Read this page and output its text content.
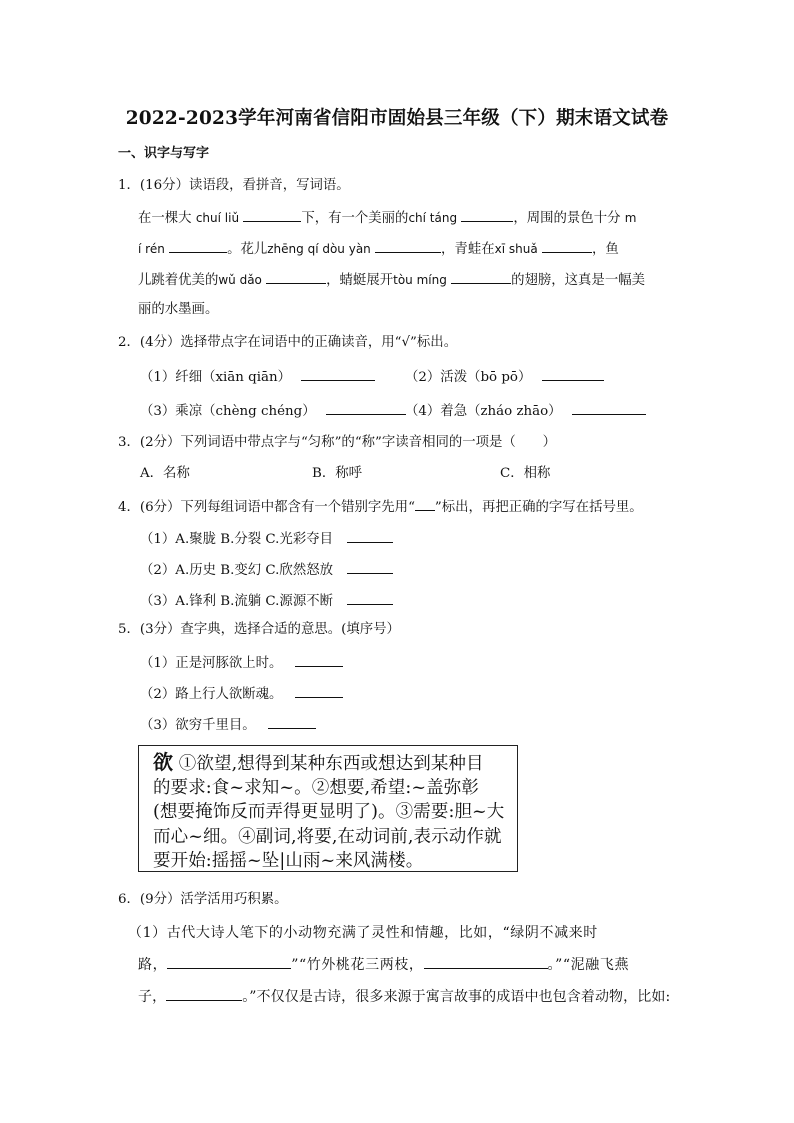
2022-2023学年河南省信阳市固始县三年级（下）期末语文试卷
一、识字与写字
1．(16分）读语段，看拼音，写词语。
在一棵大 chuí liǔ	下，有一个美丽的chí táng	，周围的景色十分 m
í rén	。花儿zhēng qí dòu yàn	，青蛙在xī shuǎ	，鱼
儿跳着优美的wǔ dǎo	，蜻蜓展开tòu míng	的翅膀，这真是一幅美
丽的水墨画。
2．(4分）选择带点字在词语中的正确读音，用“√”标出。
（1）纤细（xiān qiān）	（2）活泼（bō pō）
（3）乘凉（chèng chéng）	（4）着急（zháo zhāo）
3．(2分）下列词语中带点字与“匀称”的“称”字读音相同的一项是（　　）
A．名称	B．称呼	C．相称
4．(6分）下列每组词语中都含有一个错别字先用“ ”标出，再把正确的字写在括号里。
（1）A.聚胧 B.分裂 C.光彩夺目
（2）A.历史 B.变幻 C.欣然怒放
（3）A.锋利 B.流躺 C.源源不断
5．(3分）查字典，选择合适的意思。(填序号）
（1）正是河豚欲上时。
（2）路上行人欲断魂。
（3）欲穷千里目。
欲 ①欲望,想得到某种东西或想达到某种目
的要求:食~求知~。②想要,希望:~盖弥彰
(想要掩饰反而弄得更显明了)。③需要:胆~大
而心~细。④副词,将要,在动词前,表示动作就
要开始:摇摇~坠|山雨~来风满楼。
6．(9分）活学活用巧积累。
（1）古代大诗人笔下的小动物充满了灵性和情趣，比如，“绿阴不减来时
路，	”“竹外桃花三两枝，	。”“泥融飞燕
子，	。”不仅仅是古诗，很多来源于寓言故事的成语中也包含着动物，比如:
